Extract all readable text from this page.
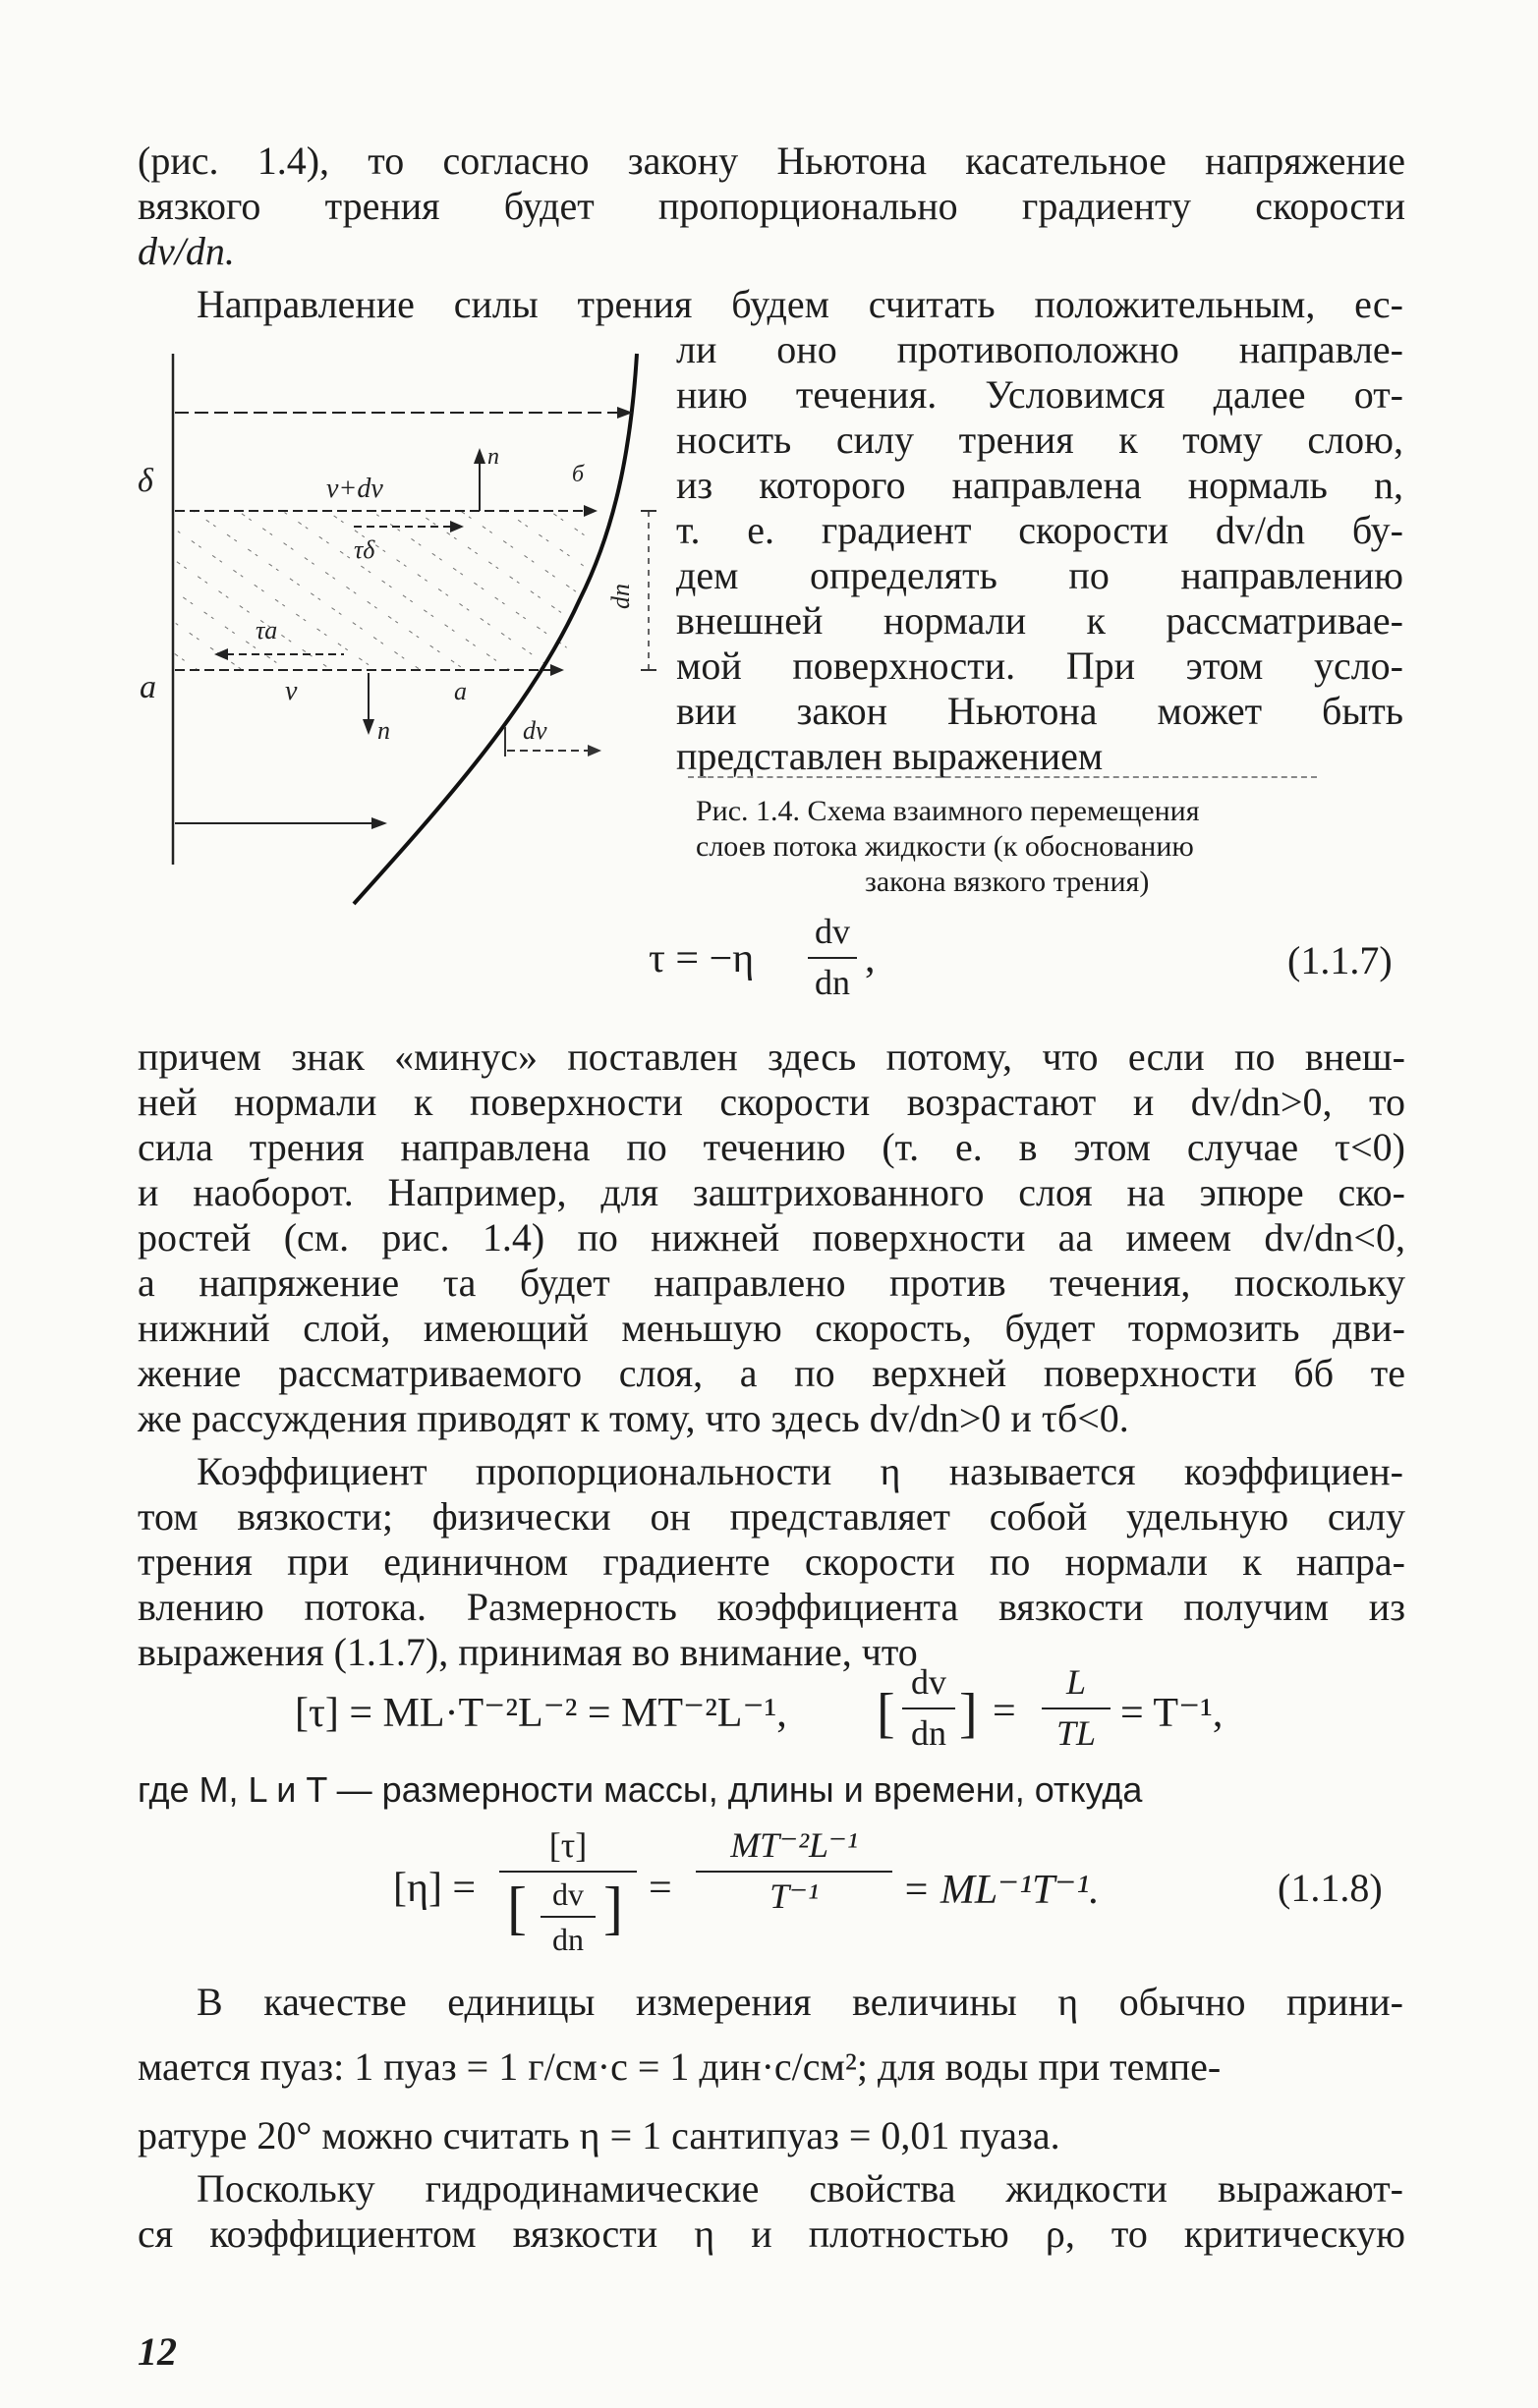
(рис. 1.4), то согласно закону Ньютона касательное напряжение

вязкого трения будет пропорционально градиенту скорости

dv/dn.

Направление силы трения будем считать положительным, ес-

ли оно противоположно направле-

нию течения. Условимся далее от-

носить силу трения к тому слою,

из которого направлена нормаль n,

т. е. градиент скорости dv/dn бу-

дем определять по направлению

внешней нормали к рассматривае-

мой поверхности. При этом усло-

вии закон Ньютона может быть

представлен выражением

Рис. 1.4. Схема взаимного перемещения

слоев потока жидкости (к обоснованию

закона вязкого трения)

δ
a
v+dv
v
τδ
τa
n
n
a
б
dn
dv
τ = −η
dv
dn
,	(1.1.7)

причем знак «минус» поставлен здесь потому, что если по внеш-

ней нормали к поверхности скорости возрастают и dv/dn>0, то

сила трения направлена по течению (т. е. в этом случае τ<0)

и наоборот. Например, для заштрихованного слоя на эпюре ско-

ростей (см. рис. 1.4) по нижней поверхности aa имеем dv/dn<0,

а напряжение τa будет направлено против течения, поскольку

нижний слой, имеющий меньшую скорость, будет тормозить дви-

жение рассматриваемого слоя, а по верхней поверхности бб те

же рассуждения приводят к тому, что здесь dv/dn>0 и τб<0.

Коэффициент пропорциональности η называется коэффициен-

том вязкости; физически он представляет собой удельную силу

трения при единичном градиенте скорости по нормали к напра-

влению потока. Размерность коэффициента вязкости получим из

выражения (1.1.7), принимая во внимание, что

[τ] = ML·T⁻²L⁻² = MT⁻²L⁻¹, [
dv
dn ] =
L
TL = T⁻¹,

где M, L и T — размерности массы, длины и времени, откуда

[η] =
[τ]
[ dv
dn ] =
MT⁻²L⁻¹
T⁻¹	= ML⁻¹T⁻¹.	(1.1.8)

В качестве единицы измерения величины η обычно прини-

мается пуаз: 1 пуаз = 1 г/см·с = 1 дин·с/см²; для воды при темпе-

ратуре 20° можно считать η = 1 сантипуаз = 0,01 пуаза.

Поскольку гидродинамические свойства жидкости выражают-

ся коэффициентом вязкости η и плотностью ρ, то критическую

12
